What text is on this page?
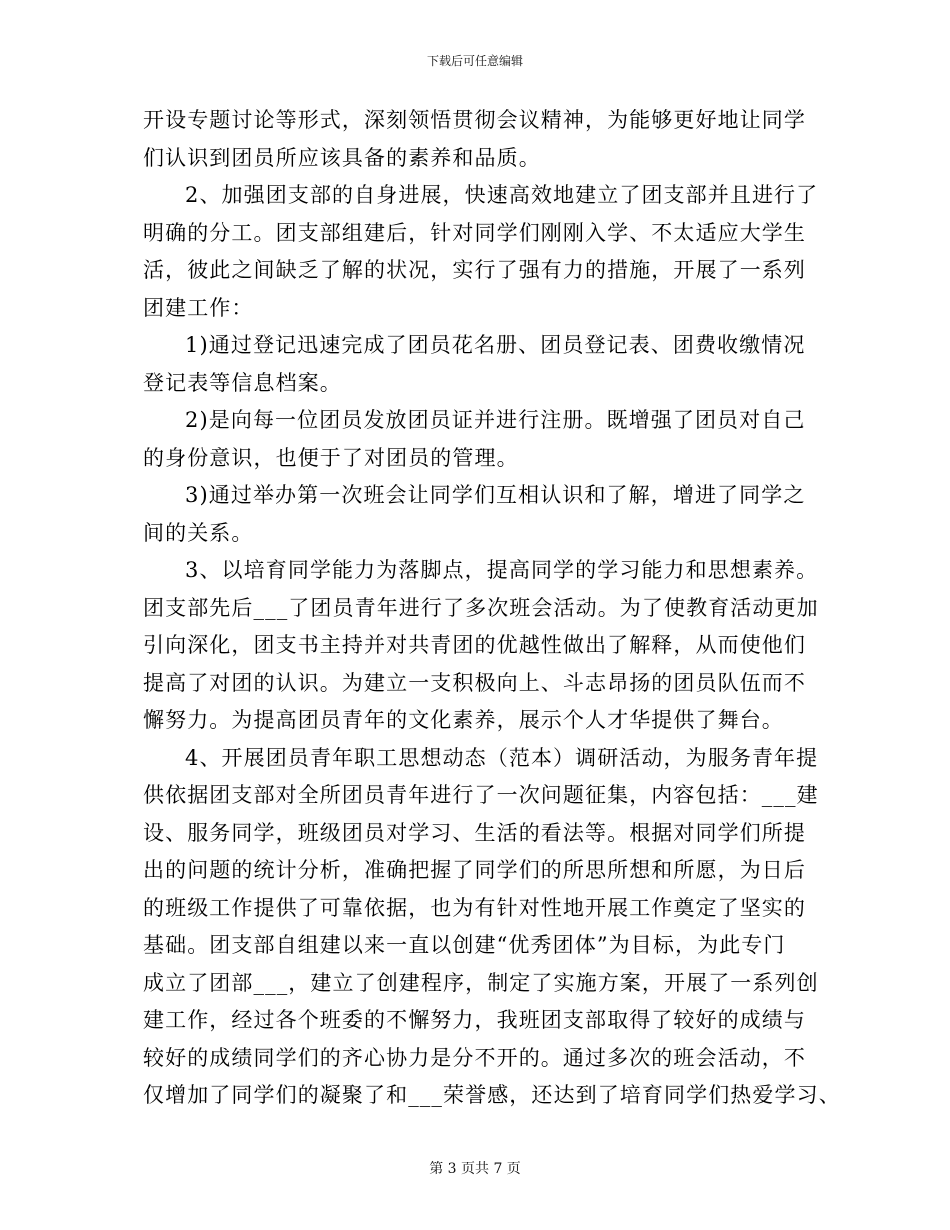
下载后可任意编辑
开设专题讨论等形式，深刻领悟贯彻会议精神，为能够更好地让同学
们认识到团员所应该具备的素养和品质。
2、加强团支部的自身进展，快速高效地建立了团支部并且进行了
明确的分工。团支部组建后，针对同学们刚刚入学、不太适应大学生
活，彼此之间缺乏了解的状况，实行了强有力的措施，开展了一系列
团建工作：
1)通过登记迅速完成了团员花名册、团员登记表、团费收缴情况
登记表等信息档案。
2)是向每一位团员发放团员证并进行注册。既增强了团员对自己
的身份意识，也便于了对团员的管理。
3)通过举办第一次班会让同学们互相认识和了解，增进了同学之
间的关系。
3、以培育同学能力为落脚点，提高同学的学习能力和思想素养。
团支部先后___了团员青年进行了多次班会活动。为了使教育活动更加
引向深化，团支书主持并对共青团的优越性做出了解释，从而使他们
提高了对团的认识。为建立一支积极向上、斗志昂扬的团员队伍而不
懈努力。为提高团员青年的文化素养，展示个人才华提供了舞台。
4、开展团员青年职工思想动态（范本）调研活动，为服务青年提
供依据团支部对全所团员青年进行了一次问题征集，内容包括：___建
设、服务同学，班级团员对学习、生活的看法等。根据对同学们所提
出的问题的统计分析，准确把握了同学们的所思所想和所愿，为日后
的班级工作提供了可靠依据，也为有针对性地开展工作奠定了坚实的
基础。团支部自组建以来一直以创建“优秀团体”为目标，为此专门
成立了团部___，建立了创建程序，制定了实施方案，开展了一系列创
建工作，经过各个班委的不懈努力，我班团支部取得了较好的成绩与
较好的成绩同学们的齐心协力是分不开的。通过多次的班会活动，不
仅增加了同学们的凝聚了和___荣誉感，还达到了培育同学们热爱学习、
第 3 页共 7 页
